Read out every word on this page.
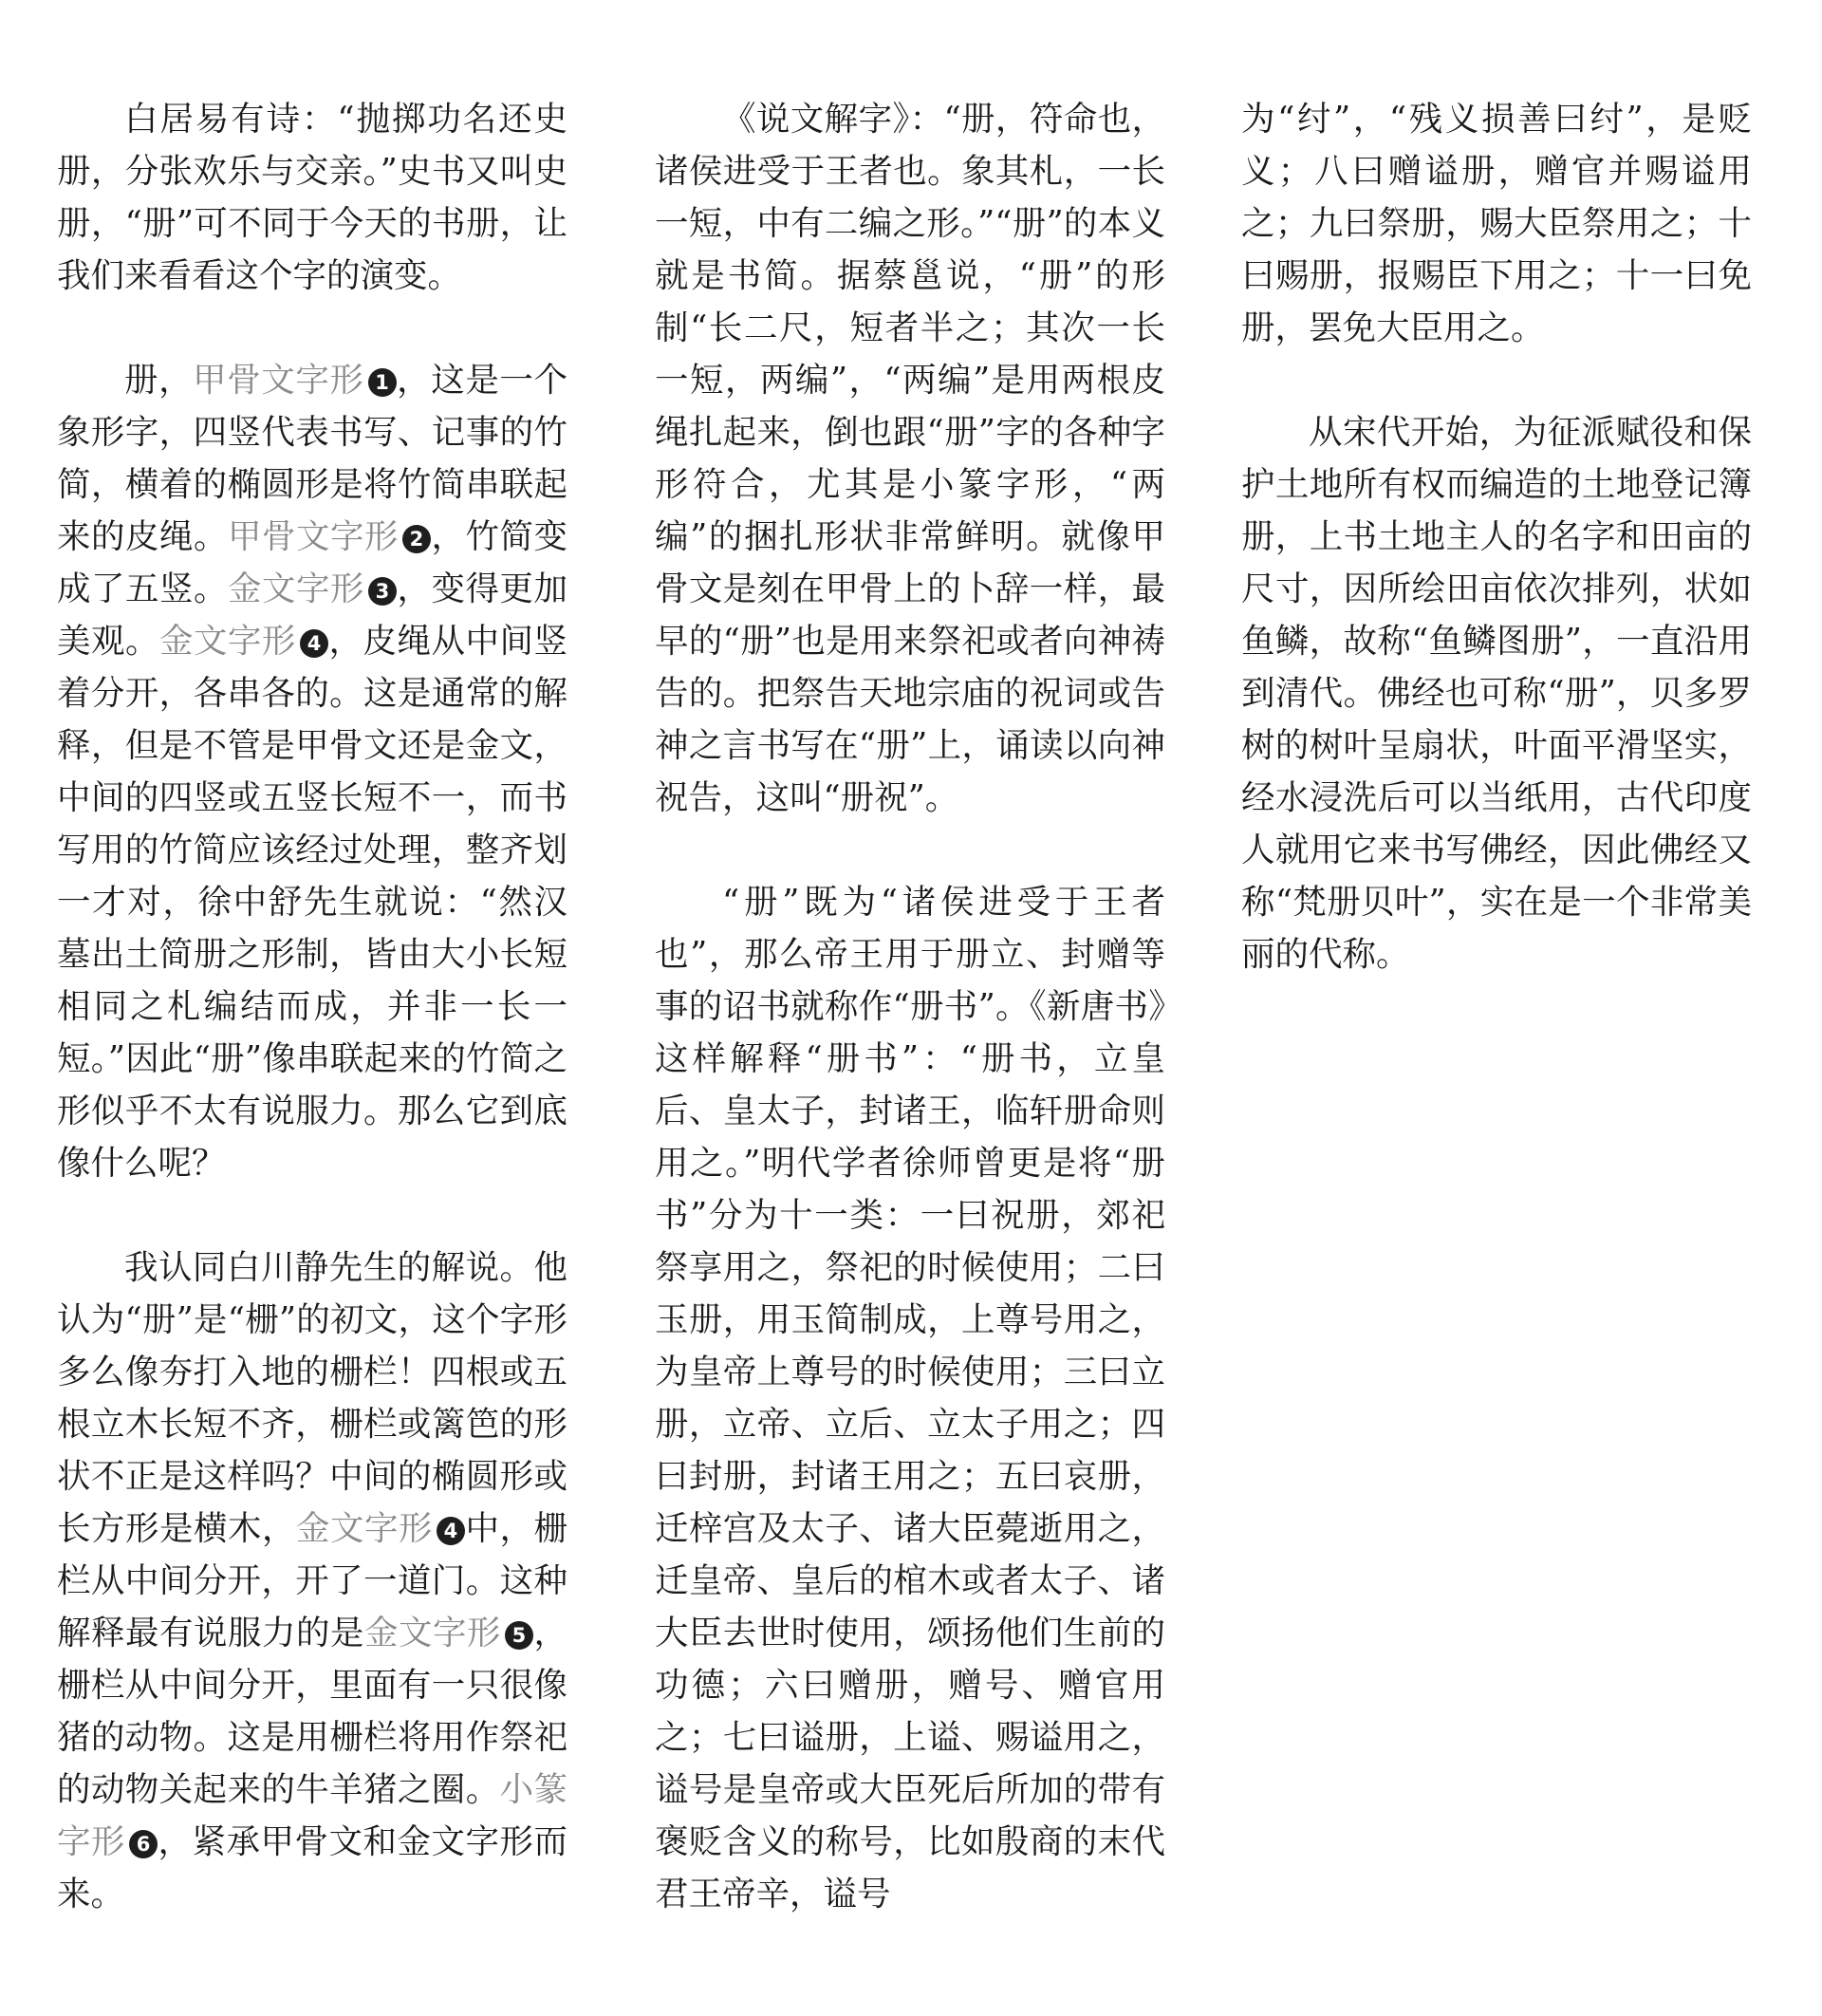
白居易有诗：“抛掷功名还史册，分张欢乐与交亲。”史书又叫史册，“册”可不同于今天的书册，让我们来看看这个字的演变。

册，甲骨文字形 1 ，这是一个象形字，四竖代表书写、记事的竹简，横着的椭圆形是将竹简串联起来的皮绳。甲骨文字形 2 ，竹简变成了五竖。金文字形 3 ，变得更加美观。金文字形 4 ，皮绳从中间竖着分开，各串各的。这是通常的解释，但是不管是甲骨文还是金文，中间的四竖或五竖长短不一，而书写用的竹简应该经过处理，整齐划一才对，徐中舒先生就说：“然汉墓出土简册之形制，皆由大小长短相同之札编结而成，并非一长一短。”因此“册”像串联起来的竹简之形似乎不太有说服力。那么它到底像什么呢？

我认同白川静先生的解说。他认为“册”是“栅”的初文，这个字形多么像夯打入地的栅栏！四根或五根立木长短不齐，栅栏或篱笆的形状不正是这样吗？中间的椭圆形或长方形是横木，金文字形 4 中，栅栏从中间分开，开了一道门。这种解释最有说服力的是金文字形 5 ，栅栏从中间分开，里面有一只很像猪的动物。这是用栅栏将用作祭祀的动物关起来的牛羊猪之圈。小篆字形 6 ，紧承甲骨文和金文字形而来。

《说文解字》：“册，符命也，诸侯进受于王者也。象其札，一长一短，中有二编之形。”“册”的本义就是书简。据蔡邕说，“册”的形制“长二尺，短者半之；其次一长一短，两编”，“两编”是用两根皮绳扎起来，倒也跟“册”字的各种字形符合，尤其是小篆字形，“两编”的捆扎形状非常鲜明。就像甲骨文是刻在甲骨上的卜辞一样，最早的“册”也是用来祭祀或者向神祷告的。把祭告天地宗庙的祝词或告神之言书写在“册”上，诵读以向神祝告，这叫“册祝”。

“册”既为“诸侯进受于王者也”，那么帝王用于册立、封赠等事的诏书就称作“册书”。《新唐书》这样解释“册书”：“册书，立皇后、皇太子，封诸王，临轩册命则用之。”明代学者徐师曾更是将“册书”分为十一类：一曰祝册，郊祀祭享用之，祭祀的时候使用；二曰玉册，用玉简制成，上尊号用之，为皇帝上尊号的时候使用；三曰立册，立帝、立后、立太子用之；四曰封册，封诸王用之；五曰哀册，迁梓宫及太子、诸大臣薨逝用之，迁皇帝、皇后的棺木或者太子、诸大臣去世时使用，颂扬他们生前的功德；六曰赠册，赠号、赠官用之；七曰谥册，上谥、赐谥用之，谥号是皇帝或大臣死后所加的带有褒贬含义的称号，比如殷商的末代君王帝辛，谥号

为“纣”，“残义损善曰纣”，是贬义；八曰赠谥册，赠官并赐谥用之；九曰祭册，赐大臣祭用之；十曰赐册，报赐臣下用之；十一曰免册，罢免大臣用之。

从宋代开始，为征派赋役和保护土地所有权而编造的土地登记簿册，上书土地主人的名字和田亩的尺寸，因所绘田亩依次排列，状如鱼鳞，故称“鱼鳞图册”，一直沿用到清代。佛经也可称“册”，贝多罗树的树叶呈扇状，叶面平滑坚实，经水浸洗后可以当纸用，古代印度人就用它来书写佛经，因此佛经又称“梵册贝叶”，实在是一个非常美丽的代称。
